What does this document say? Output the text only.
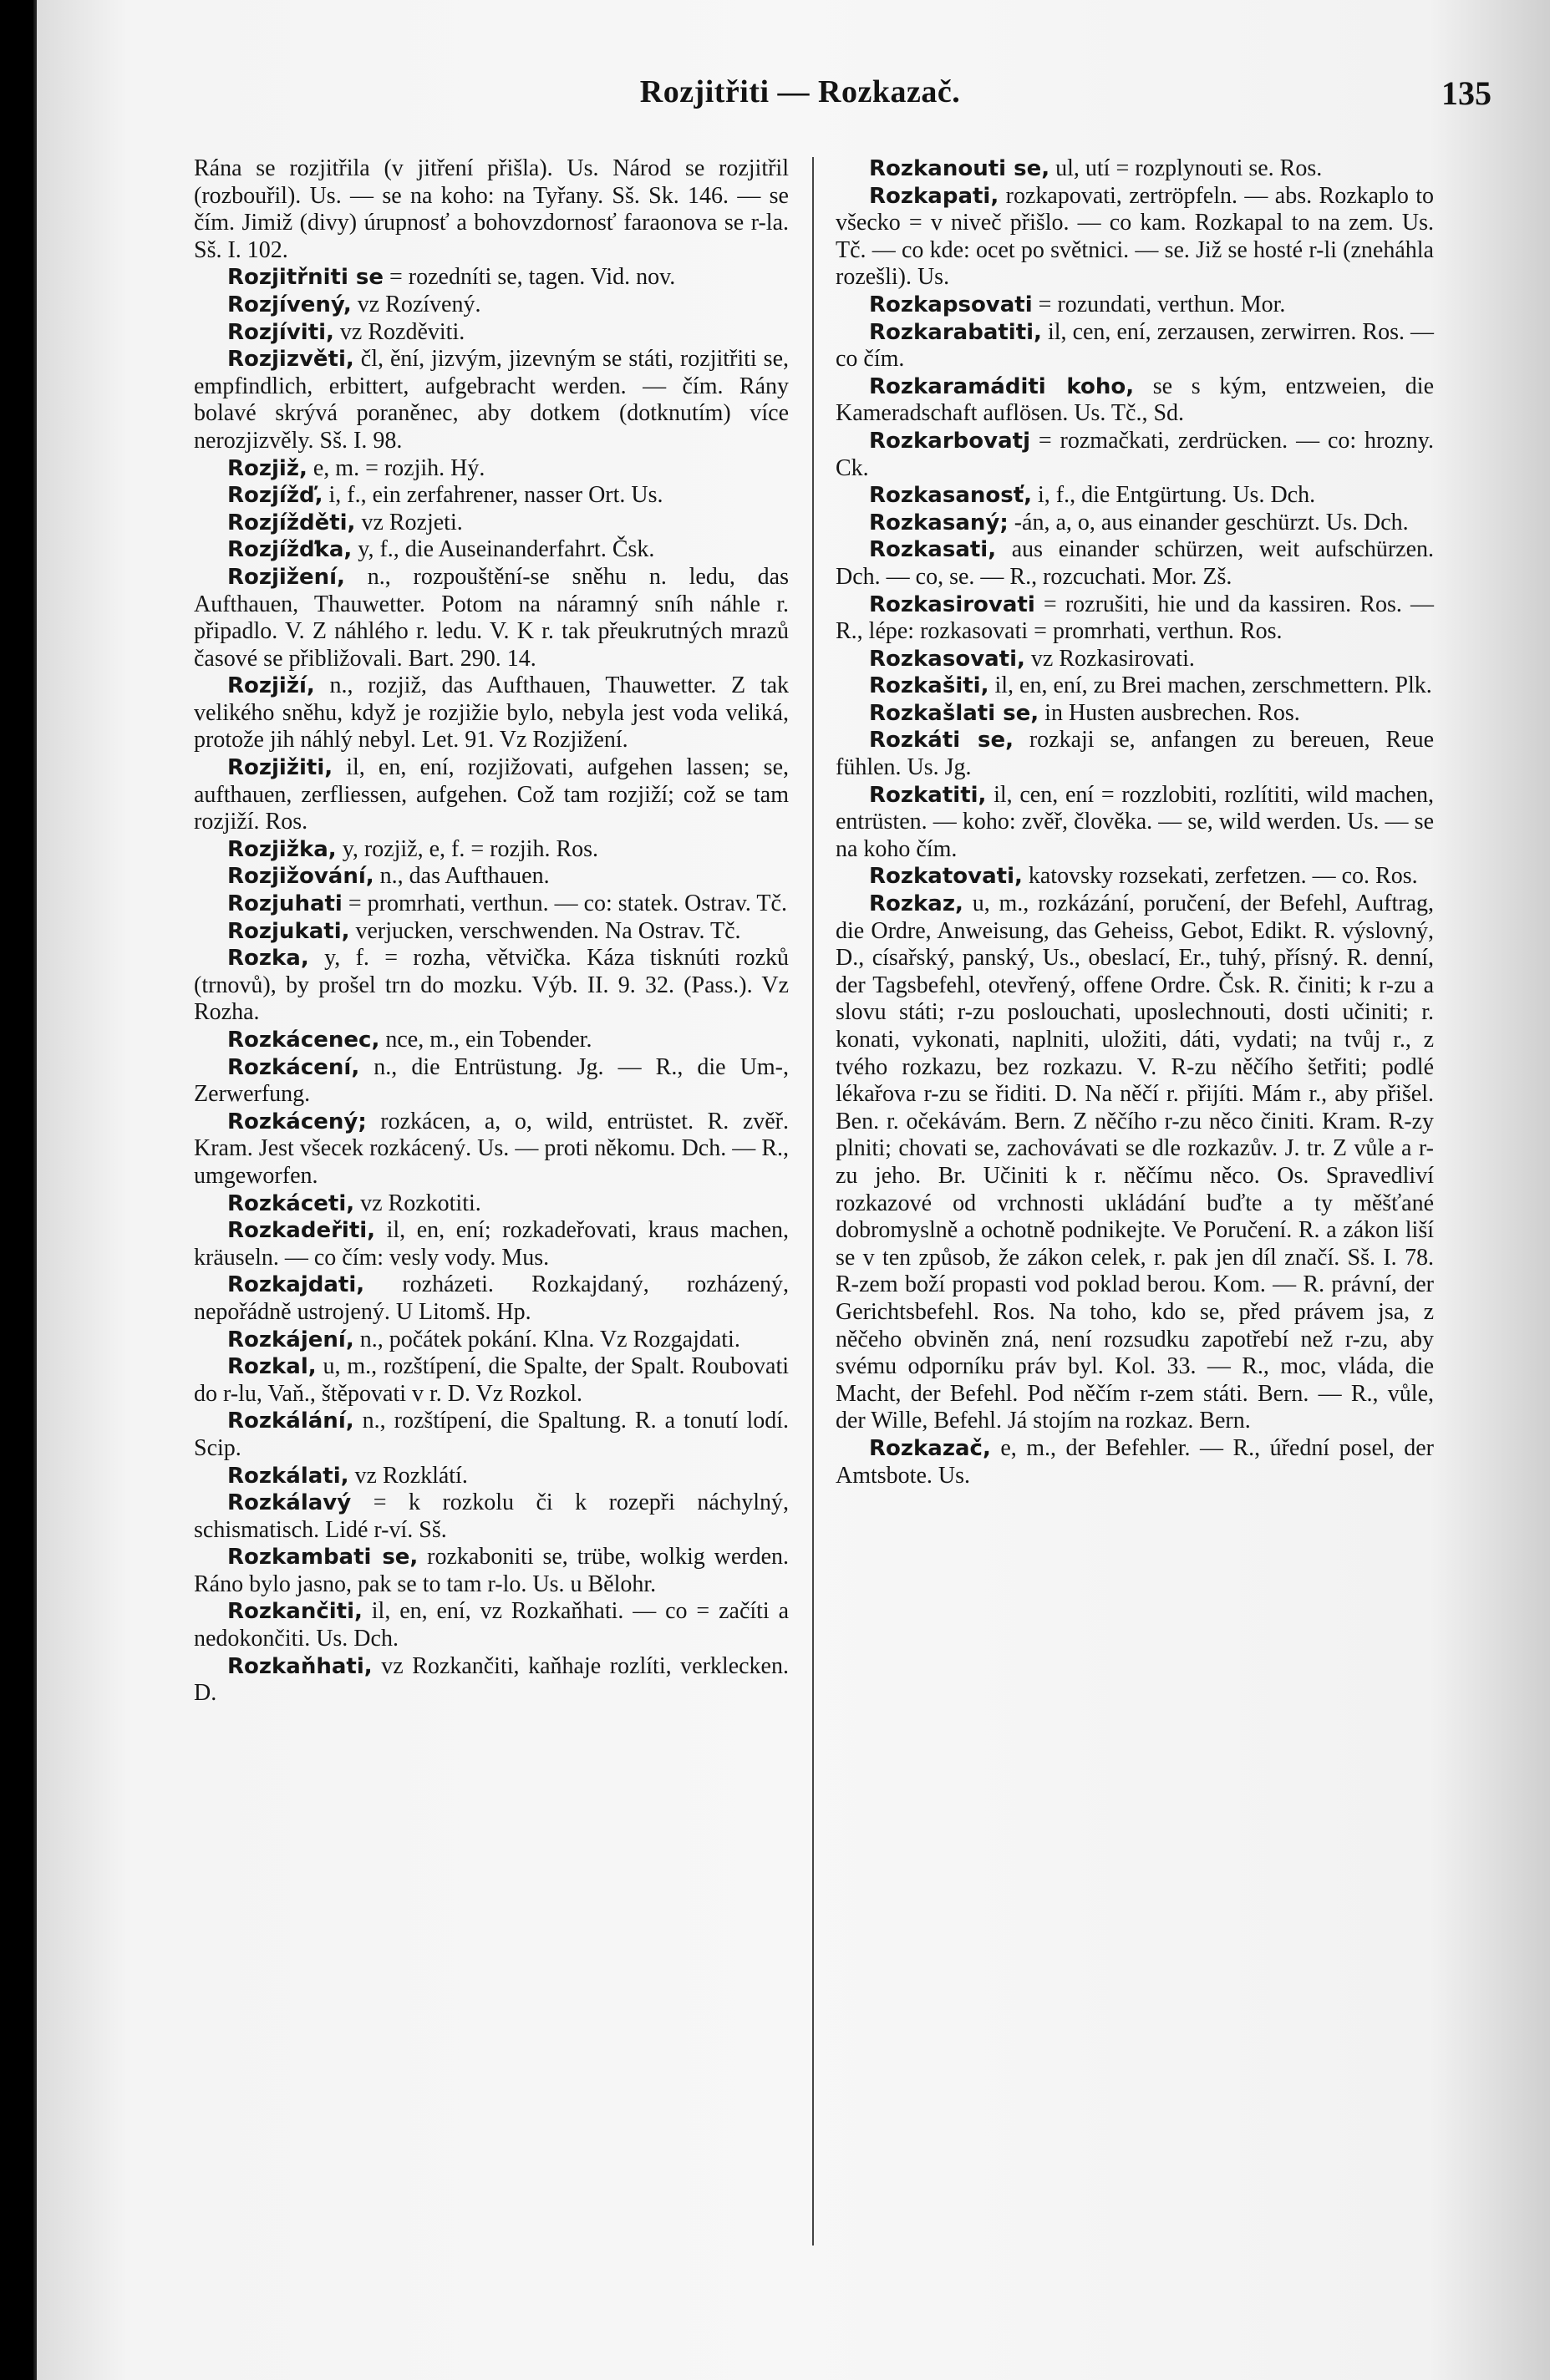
Rozjitřiti — Rozkazač.	135

Rána se rozjitřila (v jitření přišla). Us. Národ se rozjitřil (rozbouřil). Us. — se na koho: na Tyřany. Sš. Sk. 146. — se čím. Jimiž (divy) úrupnosť a bohovzdornosť faraonova se r-la. Sš. I. 102.

Rozjitřniti se = rozedníti se, tagen. Vid. nov.

Rozjívený, vz Rozívený.

Rozjíviti, vz Rozděviti.

Rozjizvěti, čl, ění, jizvým, jizevným se státi, rozjitřiti se, empfindlich, erbittert, aufgebracht werden. — čím. Rány bolavé skrývá poraněnec, aby dotkem (dotknutím) více nerozjizvěly. Sš. I. 98.

Rozjiž, e, m. = rozjih. Hý.

Rozjížď, i, f., ein zerfahrener, nasser Ort. Us.

Rozjížděti, vz Rozjeti.

Rozjížďka, y, f., die Auseinanderfahrt. Čsk.

Rozjižení, n., rozpouštění-se sněhu n. ledu, das Aufthauen, Thauwetter. Potom na náramný sníh náhle r. připadlo. V. Z náhlého r. ledu. V. K r. tak přeukrutných mrazů časové se přibližovali. Bart. 290. 14.

Rozjiží, n., rozjiž, das Aufthauen, Thauwetter. Z tak velikého sněhu, když je rozjižie bylo, nebyla jest voda veliká, protože jih náhlý nebyl. Let. 91. Vz Rozjižení.

Rozjižiti, il, en, ení, rozjižovati, aufgehen lassen; se, aufthauen, zerfliessen, aufgehen. Což tam rozjiží; což se tam rozjiží. Ros.

Rozjižka, y, rozjiž, e, f. = rozjih. Ros.

Rozjižování, n., das Aufthauen.

Rozjuhati = promrhati, verthun. — co: statek. Ostrav. Tč.

Rozjukati, verjucken, verschwenden. Na Ostrav. Tč.

Rozka, y, f. = rozha, větvička. Káza tisknúti rozků (trnovů), by prošel trn do mozku. Výb. II. 9. 32. (Pass.). Vz Rozha.

Rozkácenec, nce, m., ein Tobender.

Rozkácení, n., die Entrüstung. Jg. — R., die Um-, Zerwerfung.

Rozkácený; rozkácen, a, o, wild, entrüstet. R. zvěř. Kram. Jest všecek rozkácený. Us. — proti někomu. Dch. — R., umgeworfen.

Rozkáceti, vz Rozkotiti.

Rozkadeřiti, il, en, ení; rozkadeřovati, kraus machen, kräuseln. — co čím: vesly vody. Mus.

Rozkajdati, rozházeti. Rozkajdaný, rozházený, nepořádně ustrojený. U Litomš. Hp.

Rozkájení, n., počátek pokání. Klna. Vz Rozgajdati.

Rozkal, u, m., rozštípení, die Spalte, der Spalt. Roubovati do r-lu, Vaň., štěpovati v r. D. Vz Rozkol.

Rozkálání, n., rozštípení, die Spaltung. R. a tonutí lodí. Scip.

Rozkálati, vz Rozklátí.

Rozkálavý = k rozkolu či k rozepři náchylný, schismatisch. Lidé r-ví. Sš.

Rozkambati se, rozkaboniti se, trübe, wolkig werden. Ráno bylo jasno, pak se to tam r-lo. Us. u Bělohr.

Rozkančiti, il, en, ení, vz Rozkaňhati. — co = začíti a nedokončiti. Us. Dch.

Rozkaňhati, vz Rozkančiti, kaňhaje rozlíti, verklecken. D.

Rozkanouti se, ul, utí = rozplynouti se. Ros.

Rozkapati, rozkapovati, zertröpfeln. — abs. Rozkaplo to všecko = v niveč přišlo. — co kam. Rozkapal to na zem. Us. Tč. — co kde: ocet po světnici. — se. Již se hosté r-li (zneháhla rozešli). Us.

Rozkapsovati = rozundati, verthun. Mor.

Rozkarabatiti, il, cen, ení, zerzausen, zerwirren. Ros. — co čím.

Rozkaramáditi koho, se s kým, entzweien, die Kameradschaft auflösen. Us. Tč., Sd.

Rozkarbovatj = rozmačkati, zerdrücken. — co: hrozny. Ck.

Rozkasanosť, i, f., die Entgürtung. Us. Dch.

Rozkasaný; -án, a, o, aus einander geschürzt. Us. Dch.

Rozkasati, aus einander schürzen, weit aufschürzen. Dch. — co, se. — R., rozcuchati. Mor. Zš.

Rozkasirovati = rozrušiti, hie und da kassiren. Ros. — R., lépe: rozkasovati = promrhati, verthun. Ros.

Rozkasovati, vz Rozkasirovati.

Rozkašiti, il, en, ení, zu Brei machen, zerschmettern. Plk.

Rozkašlati se, in Husten ausbrechen. Ros.

Rozkáti se, rozkaji se, anfangen zu bereuen, Reue fühlen. Us. Jg.

Rozkatiti, il, cen, ení = rozzlobiti, rozlítiti, wild machen, entrüsten. — koho: zvěř, člověka. — se, wild werden. Us. — se na koho čím.

Rozkatovati, katovsky rozsekati, zerfetzen. — co. Ros.

Rozkaz, u, m., rozkázání, poručení, der Befehl, Auftrag, die Ordre, Anweisung, das Geheiss, Gebot, Edikt. R. výslovný, D., císařský, panský, Us., obeslací, Er., tuhý, přísný. R. denní, der Tagsbefehl, otevřený, offene Ordre. Čsk. R. činiti; k r-zu a slovu státi; r-zu poslouchati, uposlechnouti, dosti učiniti; r. konati, vykonati, naplniti, uložiti, dáti, vydati; na tvůj r., z tvého rozkazu, bez rozkazu. V. R-zu něčího šetřiti; podlé lékařova r-zu se řiditi. D. Na něčí r. přijíti. Mám r., aby přišel. Ben. r. očekávám. Bern. Z něčího r-zu něco činiti. Kram. R-zy plniti; chovati se, zachovávati se dle rozkazův. J. tr. Z vůle a r-zu jeho. Br. Učiniti k r. něčímu něco. Os. Spravedliví rozkazové od vrchnosti ukládání buďte a ty měšťané dobromyslně a ochotně podnikejte. Ve Poručení. R. a zákon liší se v ten způsob, že zákon celek, r. pak jen díl značí. Sš. I. 78. R-zem boží propasti vod poklad berou. Kom. — R. právní, der Gerichtsbefehl. Ros. Na toho, kdo se, před právem jsa, z něčeho obviněn zná, není rozsudku zapotřebí než r-zu, aby svému odporníku práv byl. Kol. 33. — R., moc, vláda, die Macht, der Befehl. Pod něčím r-zem státi. Bern. — R., vůle, der Wille, Befehl. Já stojím na rozkaz. Bern.

Rozkazač, e, m., der Befehler. — R., úřední posel, der Amtsbote. Us.
